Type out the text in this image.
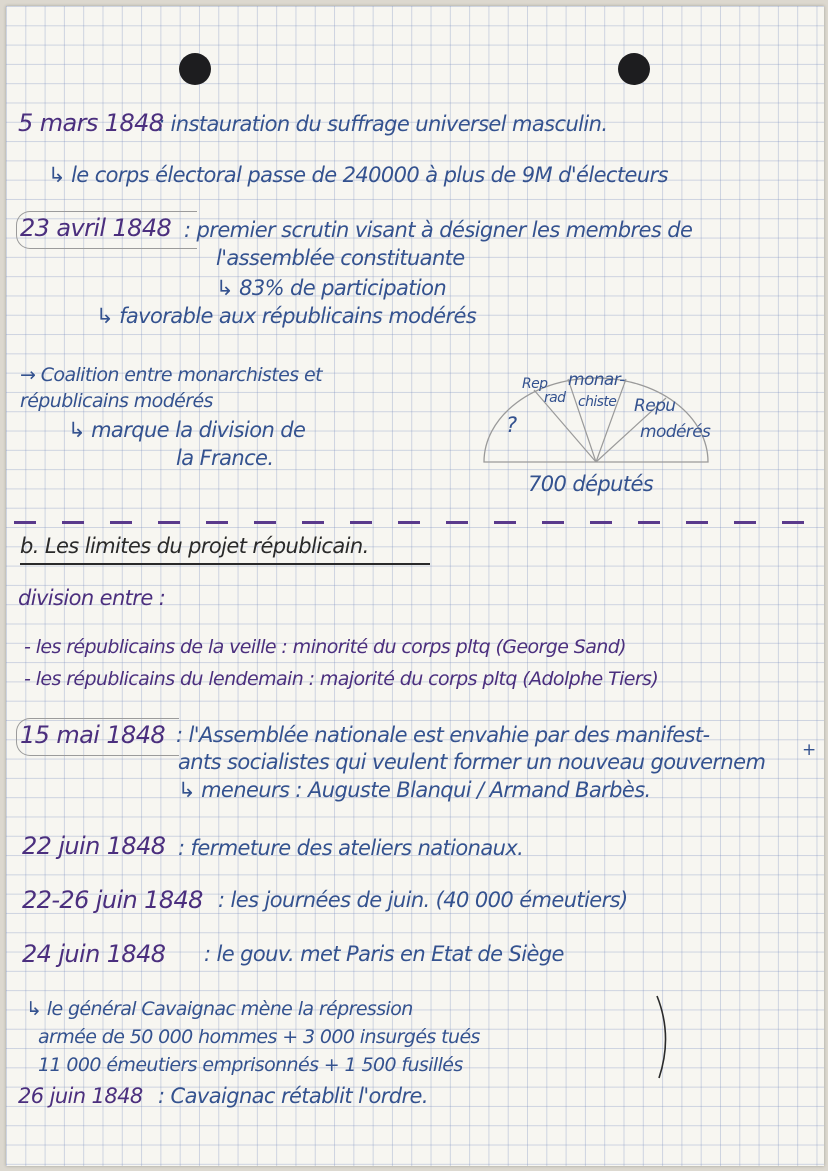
5 mars 1848
: instauration du suffrage universel masculin.
↳ le corps électoral passe de 240000 à plus de 9M d'électeurs
23 avril 1848 : premier scrutin visant à désigner les membres de
l'assemblée constituante
↳ 83% de participation
↳ favorable aux républicains modérés
→ Coalition entre monarchistes et
républicains modérés
↳ marque la division de
la France.
?
Rep
rad
monar-
chiste Repu
modérés
700 députés
b. Les limites du projet républicain.
division entre :
- les républicains de la veille : minorité du corps pltq (George Sand)
- les républicains du lendemain : majorité du corps pltq (Adolphe Tiers)
15 mai 1848 : l'Assemblée nationale est envahie par des manifest-
ants socialistes qui veulent former un nouveau gouvernem +
↳ meneurs : Auguste Blanqui / Armand Barbès.
22 juin 1848 : fermeture des ateliers nationaux.
22-26 juin 1848 : les journées de juin. (40 000 émeutiers)
24 juin 1848 : le gouv. met Paris en Etat de Siège
↳ le général Cavaignac mène la répression
armée de 50 000 hommes + 3 000 insurgés tués
11 000 émeutiers emprisonnés + 1 500 fusillés
26 juin 1848 : Cavaignac rétablit l'ordre.
